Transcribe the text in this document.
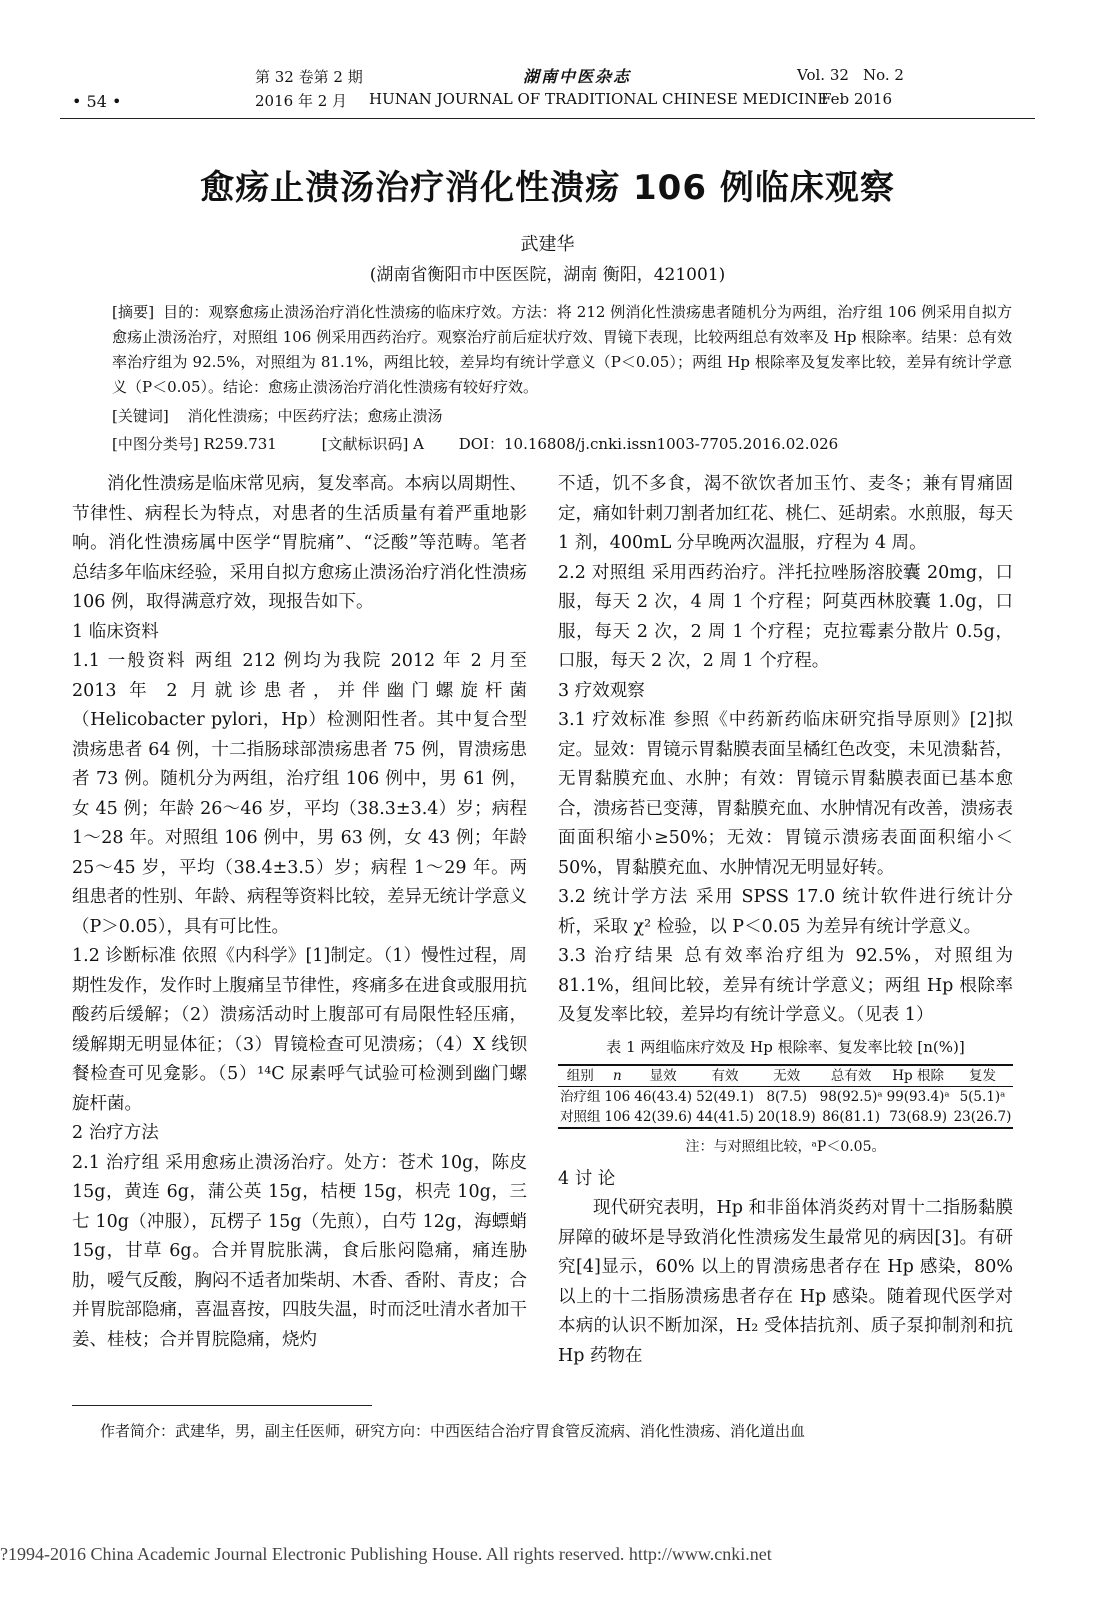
• 54 •
第 32 卷第 2 期	湖南中医杂志	Vol. 32 No. 2
2016 年 2 月 HUNAN JOURNAL OF TRADITIONAL CHINESE MEDICINE
Feb 2016
愈疡止溃汤治疗消化性溃疡 106 例临床观察
武建华
(湖南省衡阳市中医医院，湖南 衡阳，421001)
[摘要] 目的：观察愈疡止溃汤治疗消化性溃疡的临床疗效。方法：将 212 例消化性溃疡患者随机分为两组，治疗组 106 例采用自拟方愈疡止溃汤治疗，对照组 106 例采用西药治疗。观察治疗前后症状疗效、胃镜下表现，比较两组总有效率及 Hp 根除率。结果：总有效率治疗组为 92.5%，对照组为 81.1%，两组比较，差异均有统计学意义（P＜0.05）；两组 Hp 根除率及复发率比较，差异有统计学意义（P＜0.05）。结论：愈疡止溃汤治疗消化性溃疡有较好疗效。
[关键词] 消化性溃疡；中医药疗法；愈疡止溃汤
[中图分类号] R259.731	[文献标识码] A DOI：10.16808/j.cnki.issn1003-7705.2016.02.026

消化性溃疡是临床常见病，复发率高。本病以周期性、节律性、病程长为特点，对患者的生活质量有着严重地影响。消化性溃疡属中医学“胃脘痛”、“泛酸”等范畴。笔者总结多年临床经验，采用自拟方愈疡止溃汤治疗消化性溃疡 106 例，取得满意疗效，现报告如下。

1 临床资料

1.1 一般资料 两组 212 例均为我院 2012 年 2 月至 2013 年 2 月就诊患者，并伴幽门螺旋杆菌（Helicobacter pylori，Hp）检测阳性者。其中复合型溃疡患者 64 例，十二指肠球部溃疡患者 75 例，胃溃疡患者 73 例。随机分为两组，治疗组 106 例中，男 61 例，女 45 例；年龄 26～46 岁，平均（38.3±3.4）岁；病程 1～28 年。对照组 106 例中，男 63 例，女 43 例；年龄 25～45 岁，平均（38.4±3.5）岁；病程 1～29 年。两组患者的性别、年龄、病程等资料比较，差异无统计学意义（P＞0.05），具有可比性。

1.2 诊断标准 依照《内科学》[1]制定。（1）慢性过程，周期性发作，发作时上腹痛呈节律性，疼痛多在进食或服用抗酸药后缓解；（2）溃疡活动时上腹部可有局限性轻压痛，缓解期无明显体征；（3）胃镜检查可见溃疡；（4）X 线钡餐检查可见龛影。（5）¹⁴C 尿素呼气试验可检测到幽门螺旋杆菌。

2 治疗方法

2.1 治疗组 采用愈疡止溃汤治疗。处方：苍术 10g，陈皮 15g，黄连 6g，蒲公英 15g，桔梗 15g，枳壳 10g，三七 10g（冲服），瓦楞子 15g（先煎），白芍 12g，海螵蛸 15g，甘草 6g。合并胃脘胀满，食后胀闷隐痛，痛连胁肋，嗳气反酸，胸闷不适者加柴胡、木香、香附、青皮；合并胃脘部隐痛，喜温喜按，四肢失温，时而泛吐清水者加干姜、桂枝；合并胃脘隐痛，烧灼

不适，饥不多食，渴不欲饮者加玉竹、麦冬；兼有胃痛固定，痛如针刺刀割者加红花、桃仁、延胡索。水煎服，每天 1 剂，400mL 分早晚两次温服，疗程为 4 周。

2.2 对照组 采用西药治疗。泮托拉唑肠溶胶囊 20mg，口服，每天 2 次，4 周 1 个疗程；阿莫西林胶囊 1.0g，口服，每天 2 次，2 周 1 个疗程；克拉霉素分散片 0.5g，口服，每天 2 次，2 周 1 个疗程。

3 疗效观察

3.1 疗效标准 参照《中药新药临床研究指导原则》[2]拟定。显效：胃镜示胃黏膜表面呈橘红色改变，未见溃黏苔，无胃黏膜充血、水肿；有效：胃镜示胃黏膜表面已基本愈合，溃疡苔已变薄，胃黏膜充血、水肿情况有改善，溃疡表面面积缩小≥50%；无效：胃镜示溃疡表面面积缩小＜50%，胃黏膜充血、水肿情况无明显好转。

3.2 统计学方法 采用 SPSS 17.0 统计软件进行统计分析，采取 χ² 检验，以 P＜0.05 为差异有统计学意义。

3.3 治疗结果 总有效率治疗组为 92.5%，对照组为 81.1%，组间比较，差异有统计学意义；两组 Hp 根除率及复发率比较，差异均有统计学意义。（见表 1）

表 1 两组临床疗效及 Hp 根除率、复发率比较 [n(%)]
组别	n	显效	有效	无效	总有效	Hp 根除	复发
治疗组	106	46(43.4)	52(49.1)	8(7.5)	98(92.5)ᵃ	99(93.4)ᵃ	5(5.1)ᵃ
对照组	106	42(39.6)	44(41.5)	20(18.9)	86(81.1)	73(68.9)	23(26.7)
注：与对照组比较，ᵃP＜0.05。

4 讨 论

现代研究表明，Hp 和非甾体消炎药对胃十二指肠黏膜屏障的破坏是导致消化性溃疡发生最常见的病因[3]。有研究[4]显示，60% 以上的胃溃疡患者存在 Hp 感染，80% 以上的十二指肠溃疡患者存在 Hp 感染。随着现代医学对本病的认识不断加深，H₂ 受体拮抗剂、质子泵抑制剂和抗 Hp 药物在

作者简介：武建华，男，副主任医师，研究方向：中西医结合治疗胃食管反流病、消化性溃疡、消化道出血
?1994-2016 China Academic Journal Electronic Publishing House. All rights reserved. http://www.cnki.net
